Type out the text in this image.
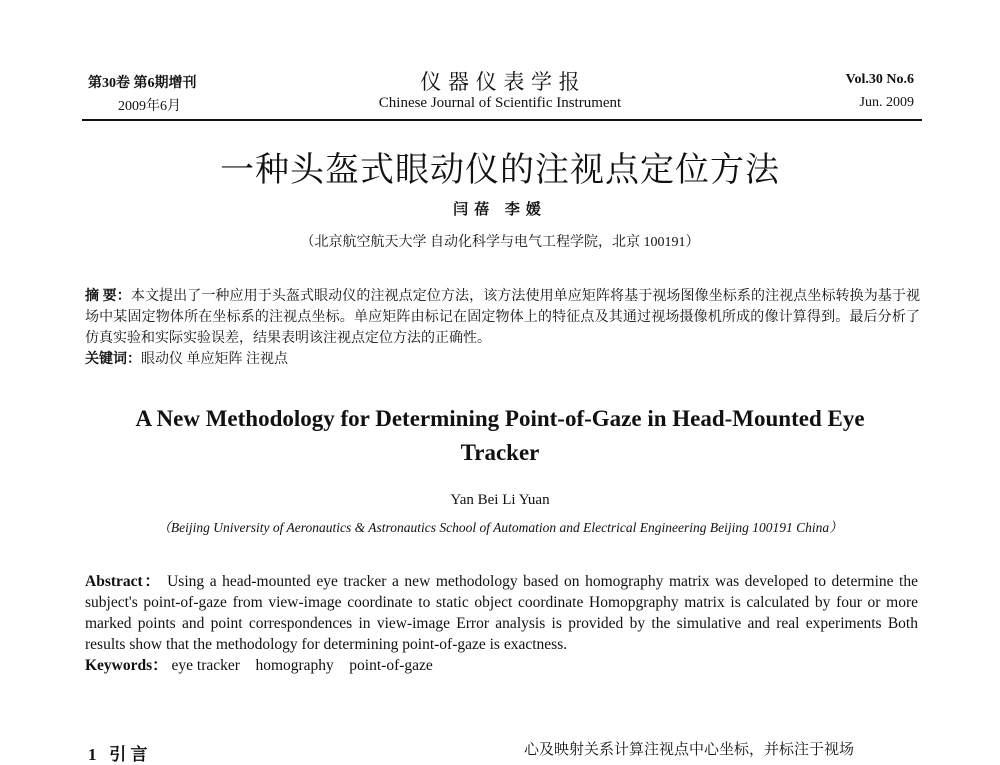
第30卷 第6期增刊
2009年6月
仪 器 仪 表 学 报
Chinese Journal of Scientific Instrument
Vol.30 No.6
Jun. 2009
一种头盔式眼动仪的注视点定位方法
闫蓓 李媛
（北京航空航天大学 自动化科学与电气工程学院，北京 100191）
摘 要：本文提出了一种应用于头盔式眼动仪的注视点定位方法，该方法使用单应矩阵将基于视场图像坐标系的注视点坐标转换为基于视场中某固定物体所在坐标系的注视点坐标。单应矩阵由标记在固定物体上的特征点及其通过视场摄像机所成的像计算得到。最后分析了仿真实验和实际实验误差，结果表明该注视点定位方法的正确性。
关键词：眼动仪 单应矩阵 注视点
A New Methodology for Determining Point-of-Gaze in Head-Mounted Eye Tracker
Yan Bei Li Yuan
（Beijing University of Aeronautics & Astronautics School of Automation and Electrical Engineering Beijing 100191 China）
Abstract： Using a head-mounted eye tracker a new methodology based on homography matrix was developed to determine the subject's point-of-gaze from view-image coordinate to static object coordinate Homopgraphy matrix is calculated by four or more marked points and point correspondences in view-image Error analysis is provided by the simulative and real experiments Both results show that the methodology for determining point-of-gaze is exactness.
Keywords： eye tracker    homography    point-of-gaze
1 引 言	心及映射关系计算注视点中心坐标，并标注于视场
